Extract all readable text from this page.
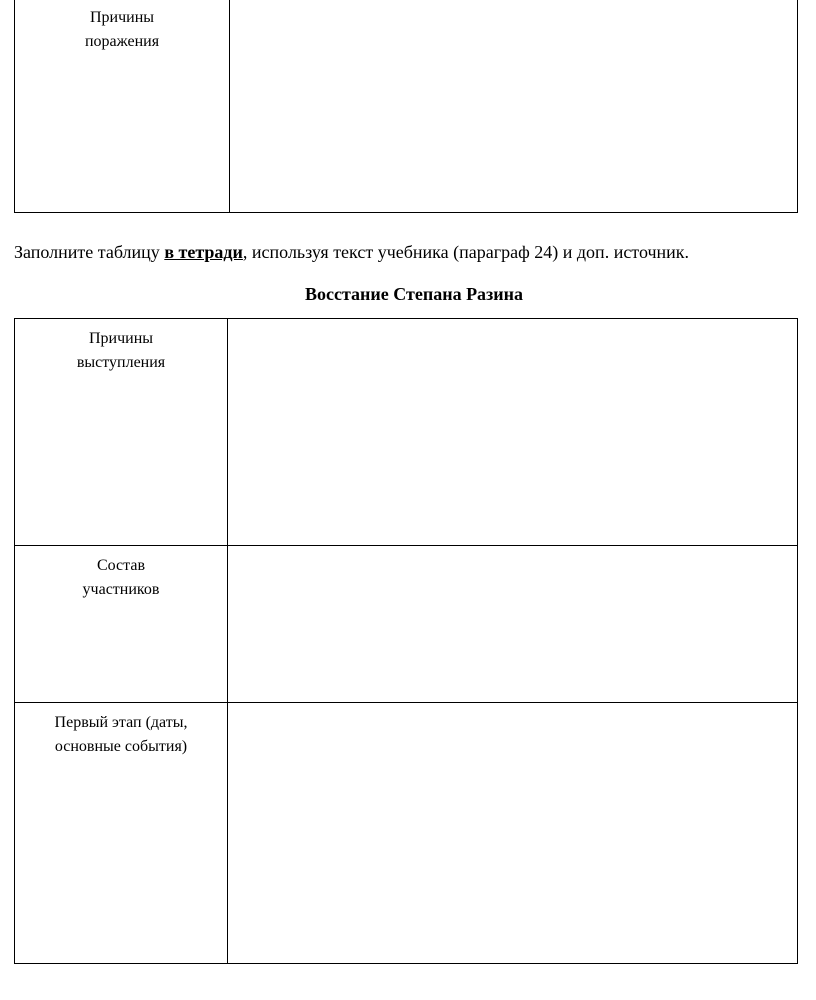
Причины
поражения

Заполните таблицу в тетради, используя текст учебника (параграф 24) и доп. источник.
Восстание Степана Разина
Причины
выступления	

Состав
участников	

Первый этап (даты,
основные события)	
